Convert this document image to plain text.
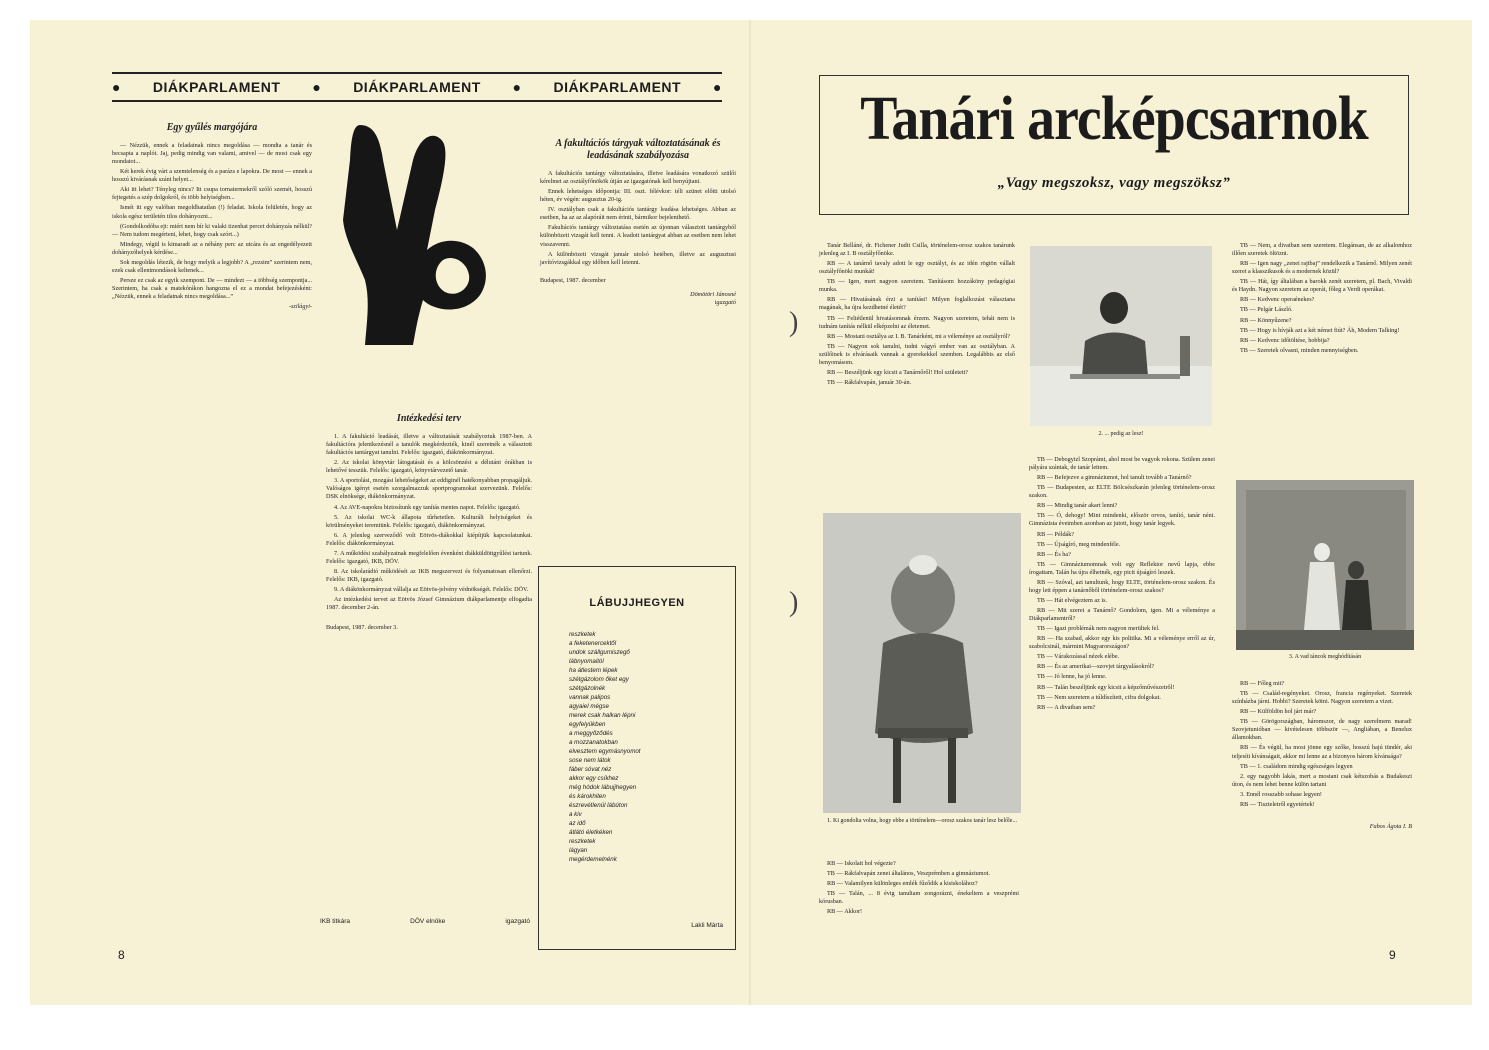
● DIÁKPARLAMENT ● DIÁKPARLAMENT ● DIÁKPARLAMENT ●
Egy gyűlés margójára

— Nézzük, ennek a feladatnak nincs megoldása — mondta a tanár és becsapta a naplót. Jaj, pedig mindig van valami, amivel — de most csak egy mondatot...

Két kerek évig várt a szemtelenség és a parázs e lapokra. De most — ennek a hosszú kivárásnak szánt helyet...

Aki itt lehet? Tényleg nincs? Itt csupa tornatermekről szóló szemét, hosszú fejtegetés a szép dolgokról, és több helyiségben...

Ismét itt egy valóban megoldhatatlan (!) feladat. Iskola felületén, hogy az iskola egész területén tilos dohányozni...

(Gondolkodóba ejt: miért nem bír ki valaki tizenhat percet dohányzás nélkül? — Nem tudom megérteni, lehet, hogy csak szórt...)

Mindegy, végül is kimaradt az a néhány perc az utcára és az engedélyezett dohányzóhelyek kérdése...

Sok megoldás létezik, de hogy melyik a legjobb? A „rezsim” szerintem nem, ezek csak ellentmondások keltenek...

Persze ez csak az egyik szempont. De — mindezt — a többség szempontja... Szerintem, ha csak a matekórákon hangozna el ez a mondat befejezésként: „Nézzük, ennek a feladatnak nincs megoldása...”

-szilágyi-
Intézkedési terv

1. A fakultáció leadását, illetve a változtatását szabályoztuk 1987-ben. A fakultációra jelentkezésnél a tanulók megkérdezték, kinél szeretnék a választott fakultációs tantárgyat tanulni. Felelős: igazgató, diákönkormányzat.

2. Az iskolai könyvtár látogatását és a kölcsönzést a délutáni órákban is lehetővé tesszük. Felelős: igazgató, könyvtárvezető tanár.

3. A sportolási, mozgási lehetőségeket az eddiginél hatékonyabban propagáljuk. Valóságos igényt esetén szorgalmazzuk sportprogramokat szervezünk. Felelős: DSK elnöksége, diákönkormányzat.

4. Az AVE-napokra biztosítunk egy tanítás mentes napot. Felelős: igazgató.

5. Az iskolai WC-k állapota tűrhetetlen. Kulturált helyiségeket és körülményeket teremtünk. Felelős: igazgató, diákönkormányzat.

6. A jelenleg szerveződő volt Eötvös-diákokkal kiépítjük kapcsolatunkat. Felelős: diákönkormányzat.

7. A működési szabályzatnak megfelelően évenként diákküldöttgyűlést tartunk. Felelős: igazgató, IKB, DÖV.

8. Az iskolarádió működését az IKB megszervezi és folyamatosan ellenőrzi. Felelős: IKB, igazgató.

9. A diákönkormányzat vállalja az Eötvös-jelvény védnökségét. Felelős: DÖV.

Az intézkedési tervet az Eötvös József Gimnázium diákparlamentje elfogadta 1987. december 2-án.

Budapest, 1987. december 3.

IKB titkára	DÖV elnöke	igazgató
A fakultációs tárgyak változtatásának és leadásának szabályozása

A fakultációs tantárgy változtatására, illetve leadására vonatkozó szülői kérelmet az osztályfőnökök útján az igazgatónak kell benyújtani.

Ennek lehetséges időpontja: III. oszt. félévkor: téli szünet előtti utolsó héten, év végén: augusztus 20-ig.

IV. osztályban csak a fakultációs tantárgy leadása lehetséges. Abban az esetben, ha az az alapóráit nem érinti, bármikor bejelenthető.

Fakultációs tantárgy változtatása esetén az újonnan választott tantárgyból különbözeti vizsgát kell tenni. A leadott tantárgyat abban az esetben nem lehet visszavenni.

A különbözeti vizsgát január utolsó hetében, illetve az augusztusi javítóvizsgákkal egy időben kell letenni.

Budapest, 1987. december

Dömötöri Jánosné
igazgató
LÁBUJJHEGYEN
reszketek
a feketenercektől
undok szállgumiszegő
lábnyomaitól
ha átlestem lépek
szétgázolom őket egy
szétgázolnék
vannak palipos
agyaiel mégse
merek csak halkan lépni
egyfelyükben
a meggyőződés
a mozzanatokban
elvesztem egymásnyomot
sose nem látok
fáber sóvat néz
akkor egy csíkhez
még hódok lábujjhegyen
és károkhiten
észrevétlenül lábúton
a kiv
az idő
átlátó életkéken
reszketek
lágyan
megérdemelnénk
Lakli Márta
8
)
)
Tanári arcképcsarnok
„Vagy megszoksz, vagy megszöksz”

Tanár Belláné, dr. Fichener Judit Csilla, történelem-orosz szakos tanárunk jelenleg az I. B osztályfőnöke.

RB — A tanárnő tavaly adott le egy osztályt, és az idén rögtön vállalt osztályfőnöki munkát!

TB — Igen, mert nagyon szeretem. Tanításom hozzáköny pedagógiai munka.

RB — Hivatásának érzi a tanítást! Milyen foglalkozást választana magának, ha újra kezdhetné életét?

TB — Feltétlenül hivatásomnak érzem. Nagyon szeretem, tehát nem is tudnám tanítás nélkül elképzelni az életemet.

RB — Mostani osztálya az I. B. Tanárként, mi a véleménye az osztályról?

TB — Nagyon sok tanulni, tudni vágyó ember van az osztályban. A szülőinek is elvárásaik vannak a gyerekekkel szemben. Legalábbis az első benyomásom.

RB — Beszéljünk egy kicsit a Tanárnőről! Hol született?

TB — Rákfalvapán, január 30-án.

1. Ki gondolta volna, hogy ebbe a történelem—orosz szakos tanár lesz belőle...

RB — Iskolait hol végezte?

TB — Rákfalvapán zenei általános, Veszprémben a gimnáziumot.

RB — Valamilyen különleges emlék fűződik a kisiskolához?

TB — Talán, ... 8 évig tanultam zongorázni, énekeltem a veszprémi kórusban.

RB — Akkor!

2. ... pedig az lesz!

TB — Debogyizl Szoprámt, ahol most be vagyok rokona. Szülem zenei pályára szántak, de tanár lettem.

RB — Befejezve a gimnáziumot, hol tanult tovább a Tanárnő?

TB — Budapesten, az ELTE Bölcsészkarán jelenleg történelem-orosz szakon.

RB — Mindig tanár akart lenni?

TB — Ó, dehogy! Mint mindenki, először orvos, tanító, tanár néni. Gimnázista éveimben azonban az jutott, hogy tanár legyek.

RB — Példák?

TB — Újságíró, meg mindenféle.

RB — És ha?

TB — Gimnáziumomnak volt egy Reflektor nevű lapja, ebbe írogattam. Talán ha újra élhetnék, egy picit újságíró leszek.

RB — Szóval, azt tanultunk, hogy ELTE, történelem-orosz szakon. És hogy lett éppen a tanárnőből történelem-orosz szakos?

TB — Hát elvégeztem az is.

RB — Mit szeret a Tanárnő? Gondolom, igen. Mi a véleménye a Diákparlamentről?

TB — Igazi problémák nem nagyon merültek fel.

RB — Ha szabad, akkor egy kis politika. Mi a véleménye erről az úr, szabolcsinál, mármint Magyarországon?

TB — Várakozással nézek elébe.

RB — És az amerikai—szovjet tárgyalásokról?

TB — Jó lenne, ha jó lenne.

RB — Talán beszéljünk egy kicsit a képzőművészetről!

TB — Nem szeretem a túldíszített, cifra dolgokat.

RB — A divatban sem?

TB — Nem, a divatban sem szeretem. Elegánsan, de az alkalomhoz illően szeretek öltözni.

RB — Igen nagy „zenei rajtbaj” rendelkezik a Tanárnő. Milyen zenét szeret a klasszikusok és a modernek közül?

TB — Hát, így általában a barokk zenét szeretem, pl. Bach, Vivaldi és Haydn. Nagyon szeretem az operát, főleg a Verdi operákat.

RB — Kedvenc operaénekes?

TB — Pelgár László.

RB — Könnyűzene?

TB — Hogy is hívják azt a két német fiút? Áh, Modern Talking!

RB — Kedvenc időtöltése, hobbija?

TB — Szeretek olvasni, minden mennyiségben.

3. A vad táncok meghódításán

RB — Főleg mit?

TB — Család-regényeket. Orosz, francia regényeket. Szeretek színházba járni. Hobbi? Szeretek kötni. Nagyon szeretem a vizet.

RB — Külföldön hol járt már?

TB — Görögországban, háromszor, de nagy szerelmem marad! Szovjetunióban — kivételesen többször —, Angliában, a Benelux államokban.

RB — És végül, ha most jönne egy szőke, hosszú hajú tündér, aki teljesíti kívánságait, akkor mi lenne az a bizonyos három kívánsága?

TB — 1. családom mindig egészséges legyen

2. egy nagyobb lakás, mert a mostani csak kétszobás a Budakeszi úton, és nem lehet benne külön tartani

3. Ennél rosszabb sohase legyen!

RB — Tiszteletről egyetértek!

Fabos Ágota I. B
9
